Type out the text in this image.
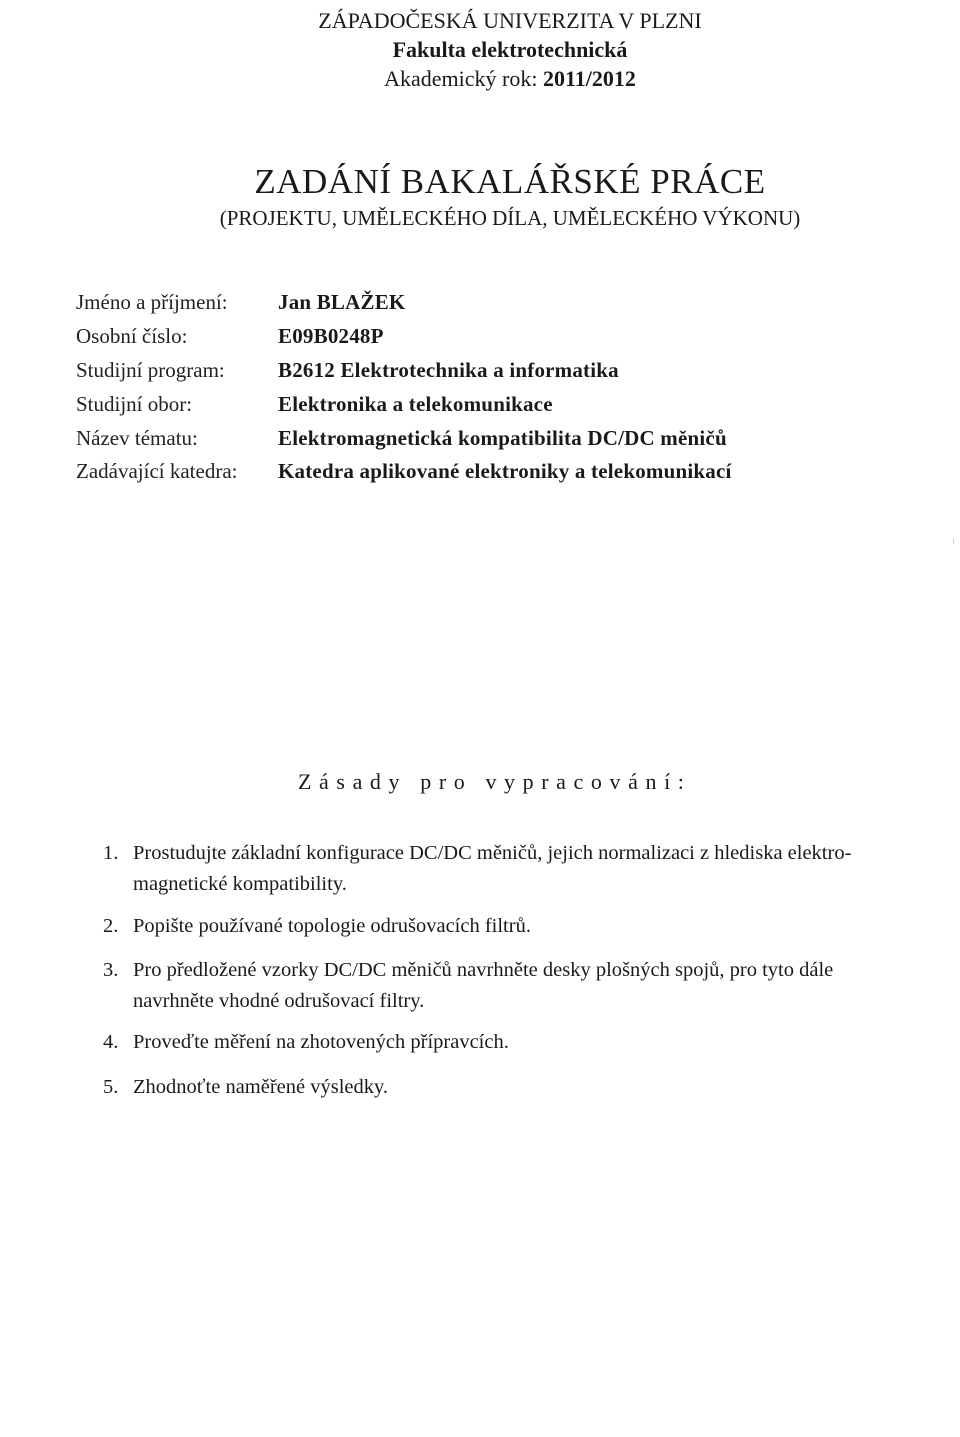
ZÁPADOČESKÁ UNIVERZITA V PLZNI
Fakulta elektrotechnická
Akademický rok: 2011/2012
ZADÁNÍ BAKALÁŘSKÉ PRÁCE
(PROJEKTU, UMĚLECKÉHO DÍLA, UMĚLECKÉHO VÝKONU)
Jméno a příjmení:	Jan BLAŽEK
Osobní číslo:	E09B0248P
Studijní program:	B2612 Elektrotechnika a informatika
Studijní obor:	Elektronika a telekomunikace
Název tématu:	Elektromagnetická kompatibilita DC/DC měničů
Zadávající katedra:	Katedra aplikované elektroniky a telekomunikací
Zásady pro vypracování:
1. Prostudujte základní konfigurace DC/DC měničů, jejich normalizaci z hlediska elektro-
magnetické kompatibility.
2. Popište používané topologie odrušovacích filtrů.
3. Pro předložené vzorky DC/DC měničů navrhněte desky plošných spojů, pro tyto dále
navrhněte vhodné odrušovací filtry.
4. Proveďte měření na zhotovených přípravcích.
5. Zhodnoťte naměřené výsledky.
